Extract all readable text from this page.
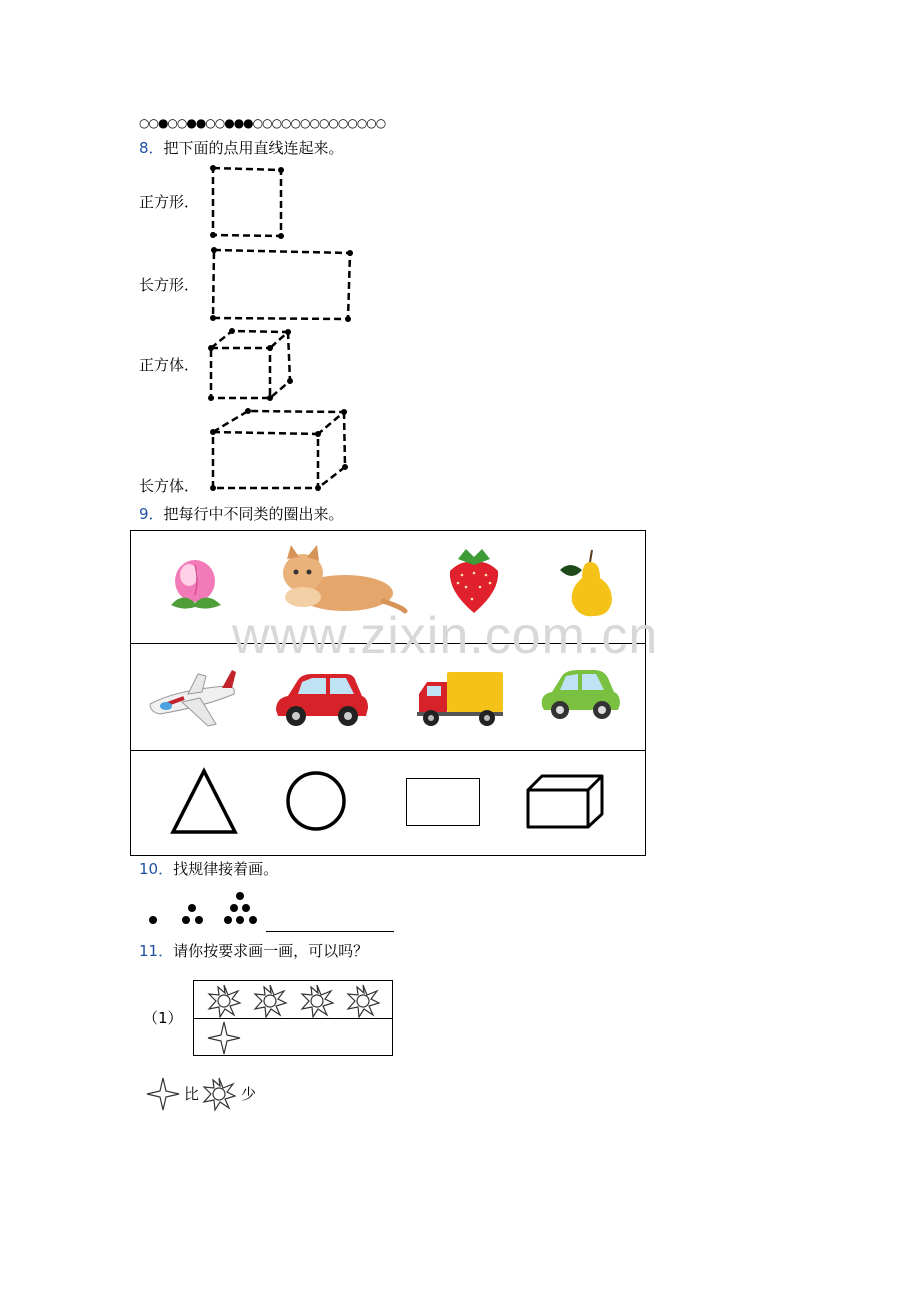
○○●○○●●○○●●●○○○○○○○○○○○○○○
8．把下面的点用直线连起来。
正方形．
长方形．
正方体．
长方体．
9．把每行中不同类的圈出来。
www.zixin.com.cn
10．找规律接着画。
11．请你按要求画一画，可以吗？
（1）
比	少
